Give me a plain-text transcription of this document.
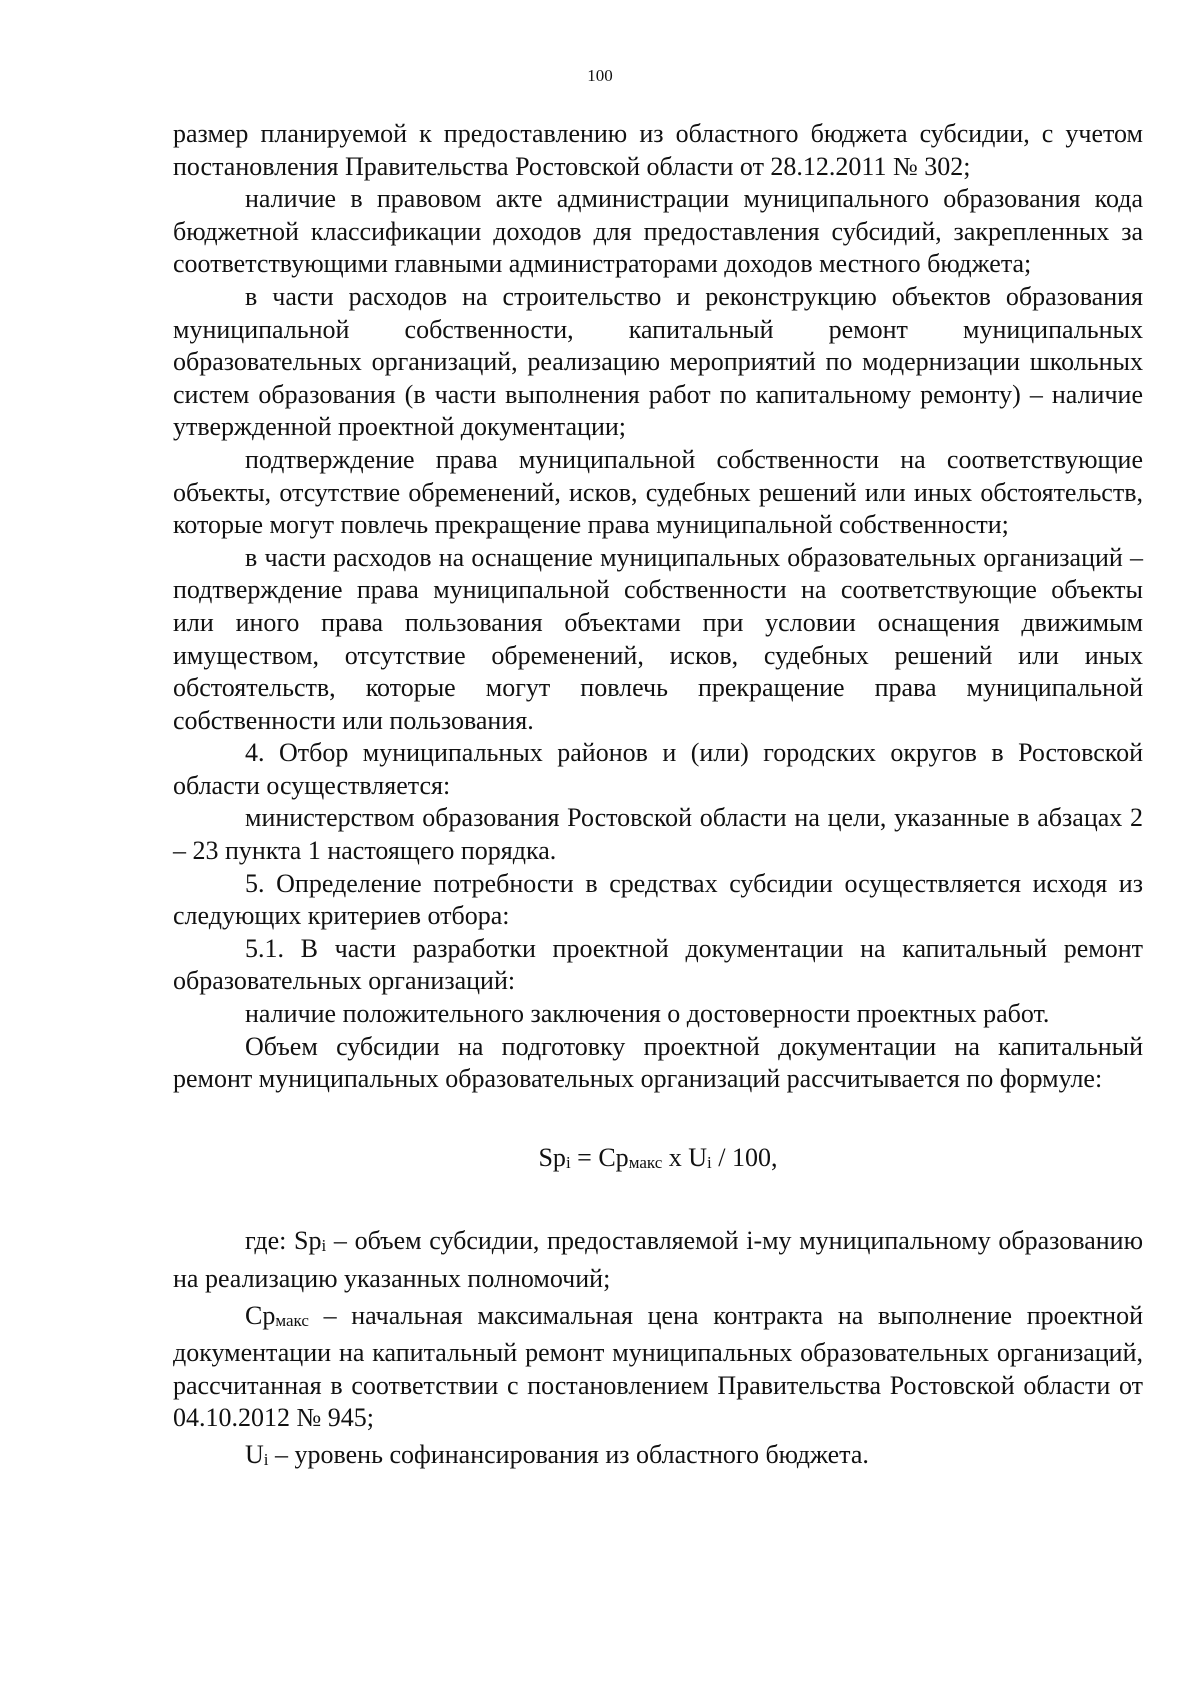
100

размер планируемой к предоставлению из областного бюджета субсидии, с учетом постановления Правительства Ростовской области от 28.12.2011 № 302;

наличие в правовом акте администрации муниципального образования кода бюджетной классификации доходов для предоставления субсидий, закрепленных за соответствующими главными администраторами доходов местного бюджета;

в части расходов на строительство и реконструкцию объектов образования муниципальной собственности, капитальный ремонт муниципальных образовательных организаций, реализацию мероприятий по модернизации школьных систем образования (в части выполнения работ по капитальному ремонту) – наличие утвержденной проектной документации;

подтверждение права муниципальной собственности на соответствующие объекты, отсутствие обременений, исков, судебных решений или иных обстоятельств, которые могут повлечь прекращение права муниципальной собственности;

в части расходов на оснащение муниципальных образовательных организаций – подтверждение права муниципальной собственности на соответствующие объекты или иного права пользования объектами при условии оснащения движимым имуществом, отсутствие обременений, исков, судебных решений или иных обстоятельств, которые могут повлечь прекращение права муниципальной собственности или пользования.

4. Отбор муниципальных районов и (или) городских округов в Ростовской области осуществляется:

министерством образования Ростовской области на цели, указанные в абзацах 2 – 23 пункта 1 настоящего порядка.

5. Определение потребности в средствах субсидии осуществляется исходя из следующих критериев отбора:

5.1. В части разработки проектной документации на капитальный ремонт образовательных организаций:

наличие положительного заключения о достоверности проектных работ.

Объем субсидии на подготовку проектной документации на капитальный ремонт муниципальных образовательных организаций рассчитывается по формуле:

Spi = Cpмакс x Ui / 100,

где: Spi – объем субсидии, предоставляемой i-му муниципальному образованию на реализацию указанных полномочий;

Cpмакс – начальная максимальная цена контракта на выполнение проектной документации на капитальный ремонт муниципальных образовательных организаций, рассчитанная в соответствии с постановлением Правительства Ростовской области от 04.10.2012 № 945;

Ui – уровень софинансирования из областного бюджета.
